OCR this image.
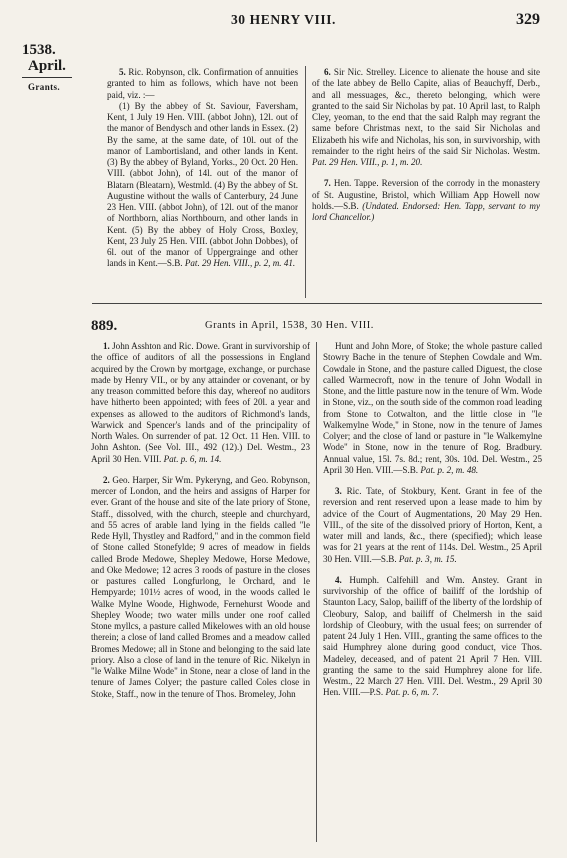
30 HENRY VIII.	329
1538.
April.
Grants.

5. Ric. Robynson, clk. Confirmation of annuities granted to him as follows, which have not been paid, viz. :—

(1) By the abbey of St. Saviour, Faversham, Kent, 1 July 19 Hen. VIII. (abbot John), 12l. out of the manor of Bendysch and other lands in Essex. (2) By the same, at the same date, of 10l. out of the manor of Lambortisland, and other lands in Kent. (3) By the abbey of Byland, Yorks., 20 Oct. 20 Hen. VIII. (abbot John), of 14l. out of the manor of Blatarn (Bleatarn), Westmld. (4) By the abbey of St. Augustine without the walls of Canterbury, 24 June 23 Hen. VIII. (abbot John), of 12l. out of the manor of Northborn, alias Northbourn, and other lands in Kent. (5) By the abbey of Holy Cross, Boxley, Kent, 23 July 25 Hen. VIII. (abbot John Dobbes), of 6l. out of the manor of Uppergrainge and other lands in Kent.—S.B. Pat. 29 Hen. VIII., p. 2, m. 41.

6. Sir Nic. Strelley. Licence to alienate the house and site of the late abbey de Bello Capite, alias of Beauchyff, Derb., and all messuages, &c., thereto belonging, which were granted to the said Sir Nicholas by pat. 10 April last, to Ralph Cley, yeoman, to the end that the said Ralph may regrant the same before Christmas next, to the said Sir Nicholas and Elizabeth his wife and Nicholas, his son, in survivorship, with remainder to the right heirs of the said Sir Nicholas. Westm. Pat. 29 Hen. VIII., p. 1, m. 20.

7. Hen. Tappe. Reversion of the corrody in the monastery of St. Augustine, Bristol, which William App Howell now holds.—S.B. (Undated. Endorsed: Hen. Tapp, servant to my lord Chancellor.)

889.	Grants in April, 1538, 30 Hen. VIII.

1. John Asshton and Ric. Dowe. Grant in survivorship of the office of auditors of all the possessions in England acquired by the Crown by mortgage, exchange, or purchase made by Henry VII., or by any attainder or covenant, or by any treason committed before this day, whereof no auditors have hitherto been appointed; with fees of 20l. a year and expenses as allowed to the auditors of Richmond's lands, Warwick and Spencer's lands and of the principality of North Wales. On surrender of pat. 12 Oct. 11 Hen. VIII. to John Ashton. (See Vol. III., 492 (12).) Del. Westm., 23 April 30 Hen. VIII. Pat. p. 6, m. 14.

2. Geo. Harper, Sir Wm. Pykeryng, and Geo. Robynson, mercer of London, and the heirs and assigns of Harper for ever. Grant of the house and site of the late priory of Stone, Staff., dissolved, with the church, steeple and churchyard, and 55 acres of arable land lying in the fields called "le Rede Hyll, Thystley and Radford," and in the common field of Stone called Stonefylde; 9 acres of meadow in fields called Brode Medowe, Shepley Medowe, Horse Medowe, and Oke Medowe; 12 acres 3 roods of pasture in the closes or pastures called Longfurlong, le Orchard, and le Hempyarde; 101½ acres of wood, in the woods called le Walke Mylne Woode, Highwode, Fernehurst Woode and Shepley Woode; two water mills under one roof called Stone myllcs, a pasture called Mikelowes with an old house therein; a close of land called Bromes and a meadow called Bromes Medowe; all in Stone and belonging to the said late priory. Also a close of land in the tenure of Ric. Nikelyn in "le Walke Milne Wode" in Stone, near a close of land in the tenure of James Colyer; the pasture called Coles close in Stoke, Staff., now in the tenure of Thos. Bromeley, John

Hunt and John More, of Stoke; the whole pasture called Stowry Bache in the tenure of Stephen Cowdale and Wm. Cowdale in Stone, and the pasture called Diguest, the close called Warmecroft, now in the tenure of John Wodall in Stone, and the little pasture now in the tenure of Wm. Wode in Stone, viz., on the south side of the common road leading from Stone to Cotwalton, and the little close in "le Walkemylne Wode," in Stone, now in the tenure of James Colyer; and the close of land or pasture in "le Walkemylne Wode" in Stone, now in the tenure of Rog. Bradbury. Annual value, 15l. 7s. 8d.; rent, 30s. 10d. Del. Westm., 25 April 30 Hen. VIII.—S.B. Pat. p. 2, m. 48.

3. Ric. Tate, of Stokbury, Kent. Grant in fee of the reversion and rent reserved upon a lease made to him by advice of the Court of Augmentations, 20 May 29 Hen. VIII., of the site of the dissolved priory of Horton, Kent, a water mill and lands, &c., there (specified); which lease was for 21 years at the rent of 114s. Del. Westm., 25 April 30 Hen. VIII.—S.B. Pat. p. 3, m. 15.

4. Humph. Calfehill and Wm. Anstey. Grant in survivorship of the office of bailiff of the lordship of Staunton Lacy, Salop, bailiff of the liberty of the lordship of Cleobury, Salop, and bailiff of Chelmersh in the said lordship of Cleobury, with the usual fees; on surrender of patent 24 July 1 Hen. VIII., granting the same offices to the said Humphrey alone during good conduct, vice Thos. Madeley, deceased, and of patent 21 April 7 Hen. VIII. granting the same to the said Humphrey alone for life. Westm., 22 March 27 Hen. VIII. Del. Westm., 29 April 30 Hen. VIII.—P.S. Pat. p. 6, m. 7.
